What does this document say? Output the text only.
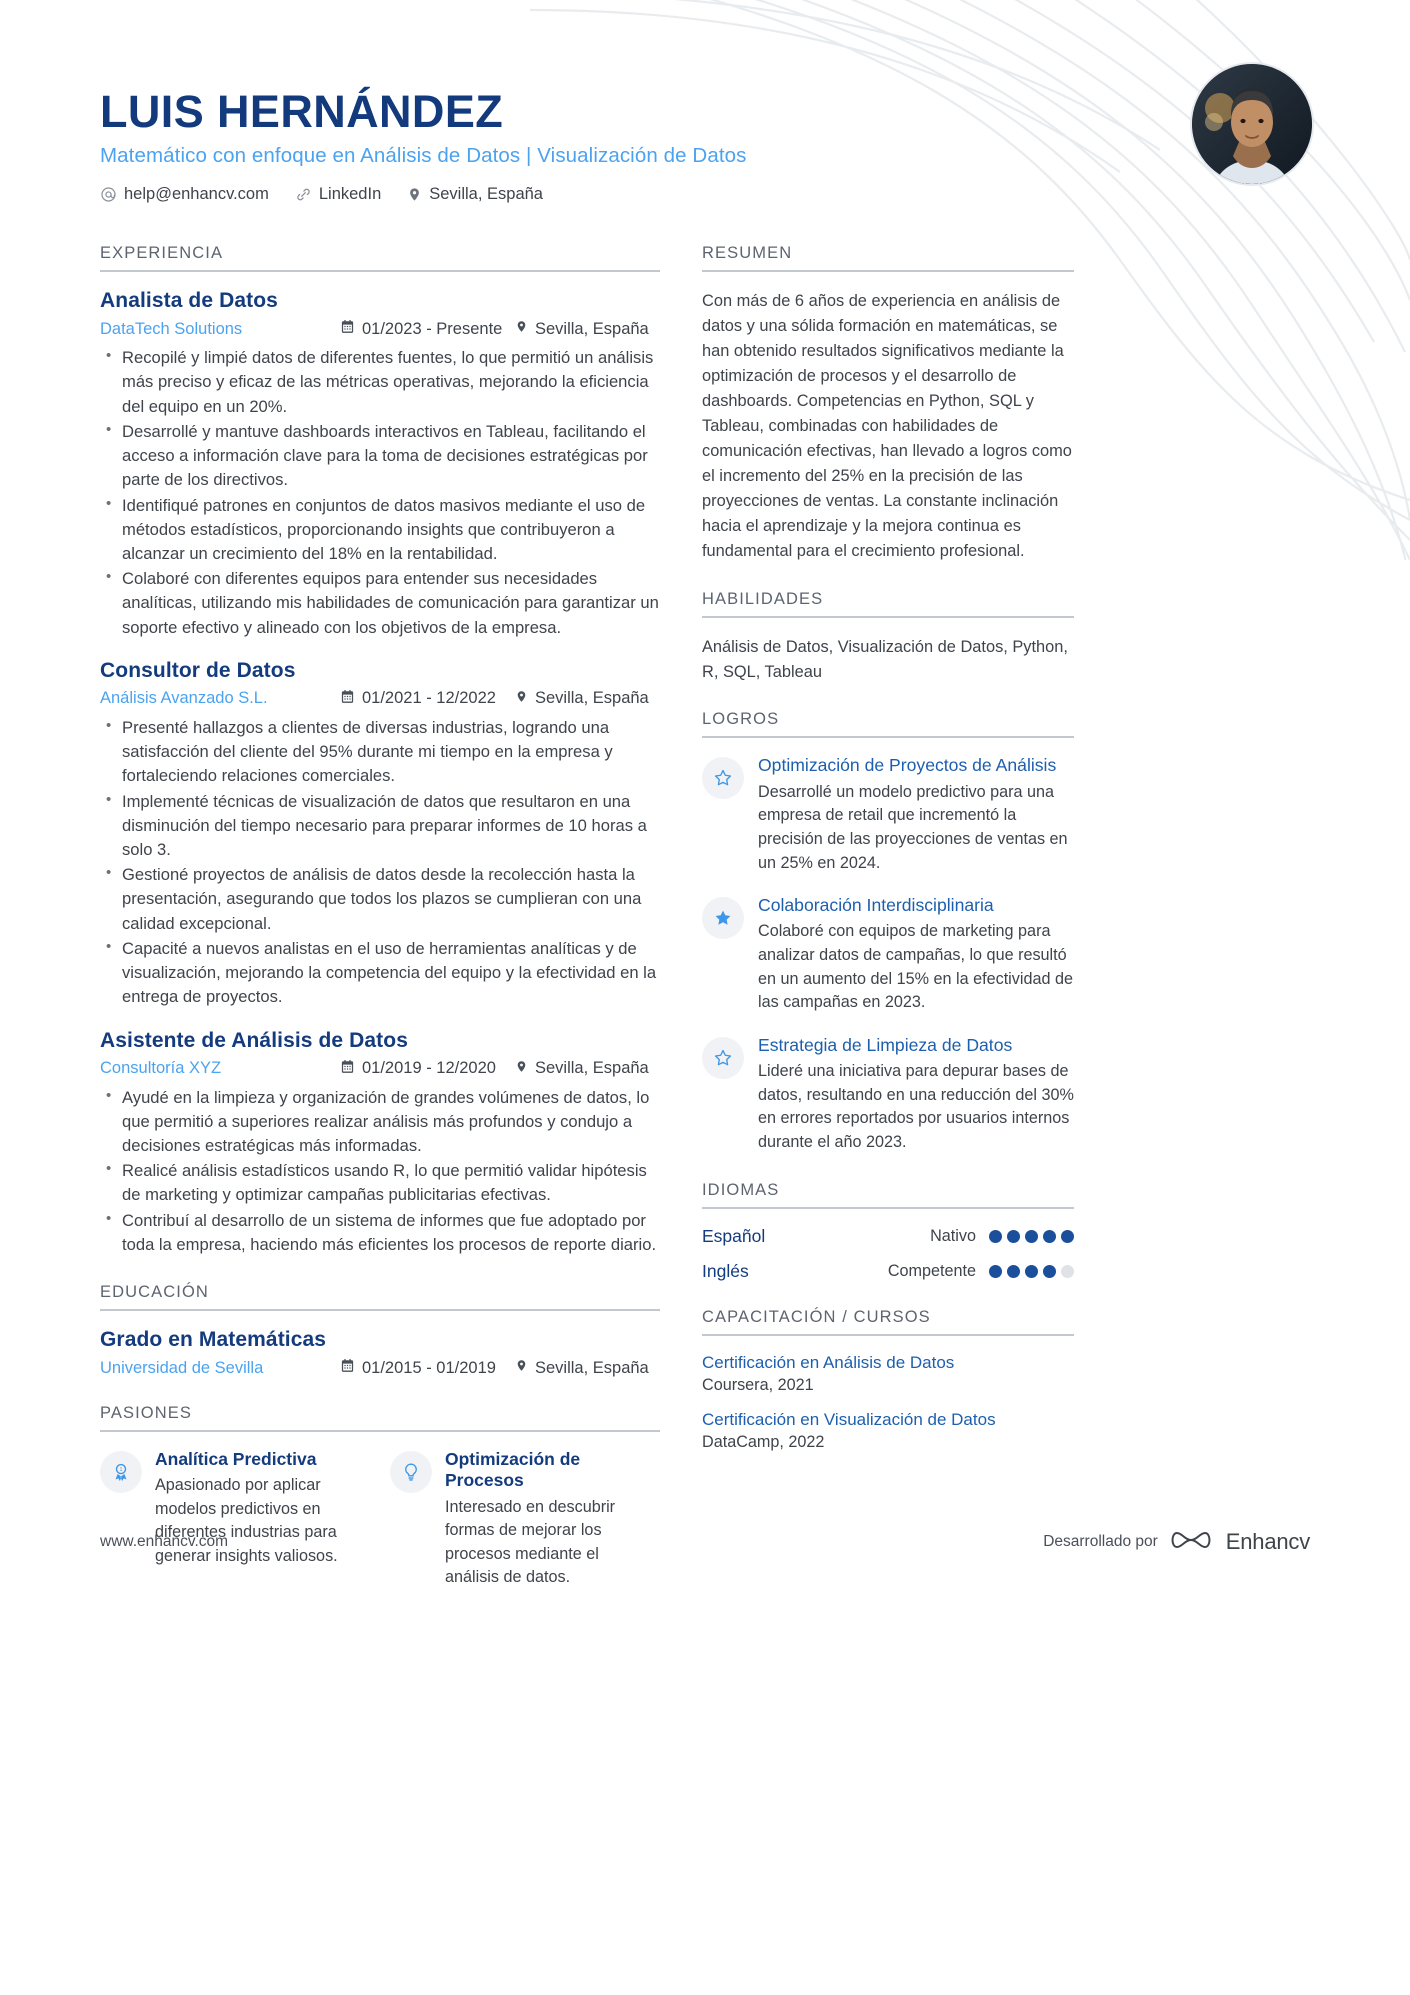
LUIS HERNÁNDEZ
Matemático con enfoque en Análisis de Datos | Visualización de Datos
help@enhancv.com	LinkedIn	Sevilla, España
EXPERIENCIA
Analista de Datos
DataTech Solutions	01/2023 - Presente Sevilla, España
• Recopilé y limpié datos de diferentes fuentes, lo que permitió un análisis más preciso y eficaz de las métricas operativas, mejorando la eficiencia del equipo en un 20%.
• Desarrollé y mantuve dashboards interactivos en Tableau, facilitando el acceso a información clave para la toma de decisiones estratégicas por parte de los directivos.
• Identifiqué patrones en conjuntos de datos masivos mediante el uso de métodos estadísticos, proporcionando insights que contribuyeron a alcanzar un crecimiento del 18% en la rentabilidad.
• Colaboré con diferentes equipos para entender sus necesidades analíticas, utilizando mis habilidades de comunicación para garantizar un soporte efectivo y alineado con los objetivos de la empresa.
Consultor de Datos
Análisis Avanzado S.L.	01/2021 - 12/2022 Sevilla, España
• Presenté hallazgos a clientes de diversas industrias, logrando una satisfacción del cliente del 95% durante mi tiempo en la empresa y fortaleciendo relaciones comerciales.
• Implementé técnicas de visualización de datos que resultaron en una disminución del tiempo necesario para preparar informes de 10 horas a solo 3.
• Gestioné proyectos de análisis de datos desde la recolección hasta la presentación, asegurando que todos los plazos se cumplieran con una calidad excepcional.
• Capacité a nuevos analistas en el uso de herramientas analíticas y de visualización, mejorando la competencia del equipo y la efectividad en la entrega de proyectos.
Asistente de Análisis de Datos
Consultoría XYZ	01/2019 - 12/2020 Sevilla, España
• Ayudé en la limpieza y organización de grandes volúmenes de datos, lo que permitió a superiores realizar análisis más profundos y condujo a decisiones estratégicas más informadas.
• Realicé análisis estadísticos usando R, lo que permitió validar hipótesis de marketing y optimizar campañas publicitarias efectivas.
• Contribuí al desarrollo de un sistema de informes que fue adoptado por toda la empresa, haciendo más eficientes los procesos de reporte diario.
EDUCACIÓN
Grado en Matemáticas
Universidad de Sevilla	01/2015 - 01/2019 Sevilla, España
PASIONES
1
Analítica Predictiva
Apasionado por aplicar modelos predictivos en diferentes industrias para generar insights valiosos.
Optimización de Procesos
Interesado en descubrir formas de mejorar los procesos mediante el análisis de datos.
RESUMEN
Con más de 6 años de experiencia en análisis de datos y una sólida formación en matemáticas, se han obtenido resultados significativos mediante la optimización de procesos y el desarrollo de dashboards. Competencias en Python, SQL y Tableau, combinadas con habilidades de comunicación efectivas, han llevado a logros como el incremento del 25% en la precisión de las proyecciones de ventas. La constante inclinación hacia el aprendizaje y la mejora continua es fundamental para el crecimiento profesional.
HABILIDADES
Análisis de Datos, Visualización de Datos, Python, R, SQL, Tableau
LOGROS
Optimización de Proyectos de Análisis
Desarrollé un modelo predictivo para una empresa de retail que incrementó la precisión de las proyecciones de ventas en un 25% en 2024.
Colaboración Interdisciplinaria
Colaboré con equipos de marketing para analizar datos de campañas, lo que resultó en un aumento del 15% en la efectividad de las campañas en 2023.
Estrategia de Limpieza de Datos
Lideré una iniciativa para depurar bases de datos, resultando en una reducción del 30% en errores reportados por usuarios internos durante el año 2023.
IDIOMAS
Español	Nativo
Inglés	Competente
CAPACITACIÓN / CURSOS
Certificación en Análisis de Datos
Coursera, 2021
Certificación en Visualización de Datos
DataCamp, 2022
www.enhancv.com	Desarrollado por	Enhancv
